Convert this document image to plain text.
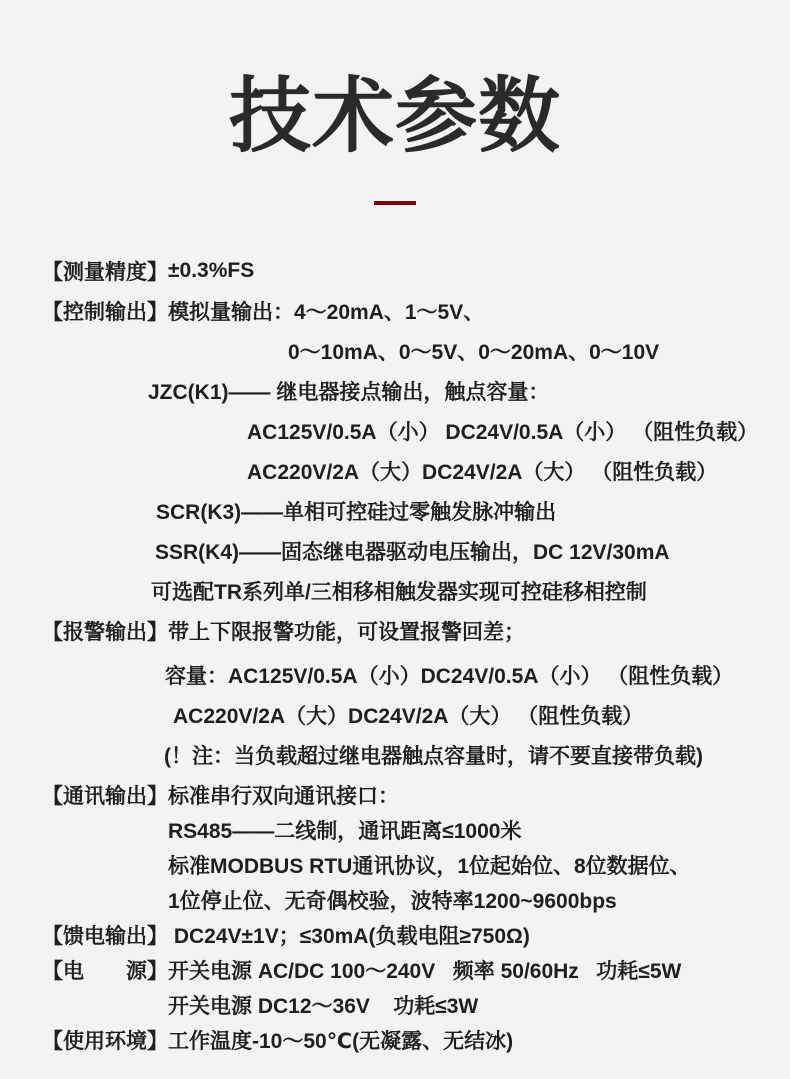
技术参数
【测量精度】 ±0.3%FS
【控制输出】 模拟量输出：4～20mA、1～5V、
0～10mA、0～5V、0～20mA、0～10V
JZC(K1)—— 继电器接点输出，触点容量：
AC125V/0.5A（小） DC24V/0.5A（小） （阻性负载）
AC220V/2A（大）DC24V/2A（大） （阻性负载）
SCR(K3)——单相可控硅过零触发脉冲输出
SSR(K4)——固态继电器驱动电压输出，DC 12V/30mA
可选配TR系列单/三相移相触发器实现可控硅移相控制
【报警输出】 带上下限报警功能，可设置报警回差；
容量：AC125V/0.5A（小）DC24V/0.5A（小） （阻性负载）
AC220V/2A（大）DC24V/2A（大） （阻性负载）
(！注：当负载超过继电器触点容量时，请不要直接带负载)
【通讯输出】 标准串行双向通讯接口：
RS485——二线制，通讯距离≤1000米
标准MODBUS RTU通讯协议，1位起始位、8位数据位、
1位停止位、无奇偶校验，波特率1200~9600bps
【馈电输出】 DC24V±1V；≤30mA(负载电阻≥750Ω)
【电　　源】 开关电源 AC/DC 100～240V   频率 50/60Hz   功耗≤5W
开关电源 DC12～36V    功耗≤3W
【使用环境】 工作温度-10～50℃(无凝露、无结冰)
